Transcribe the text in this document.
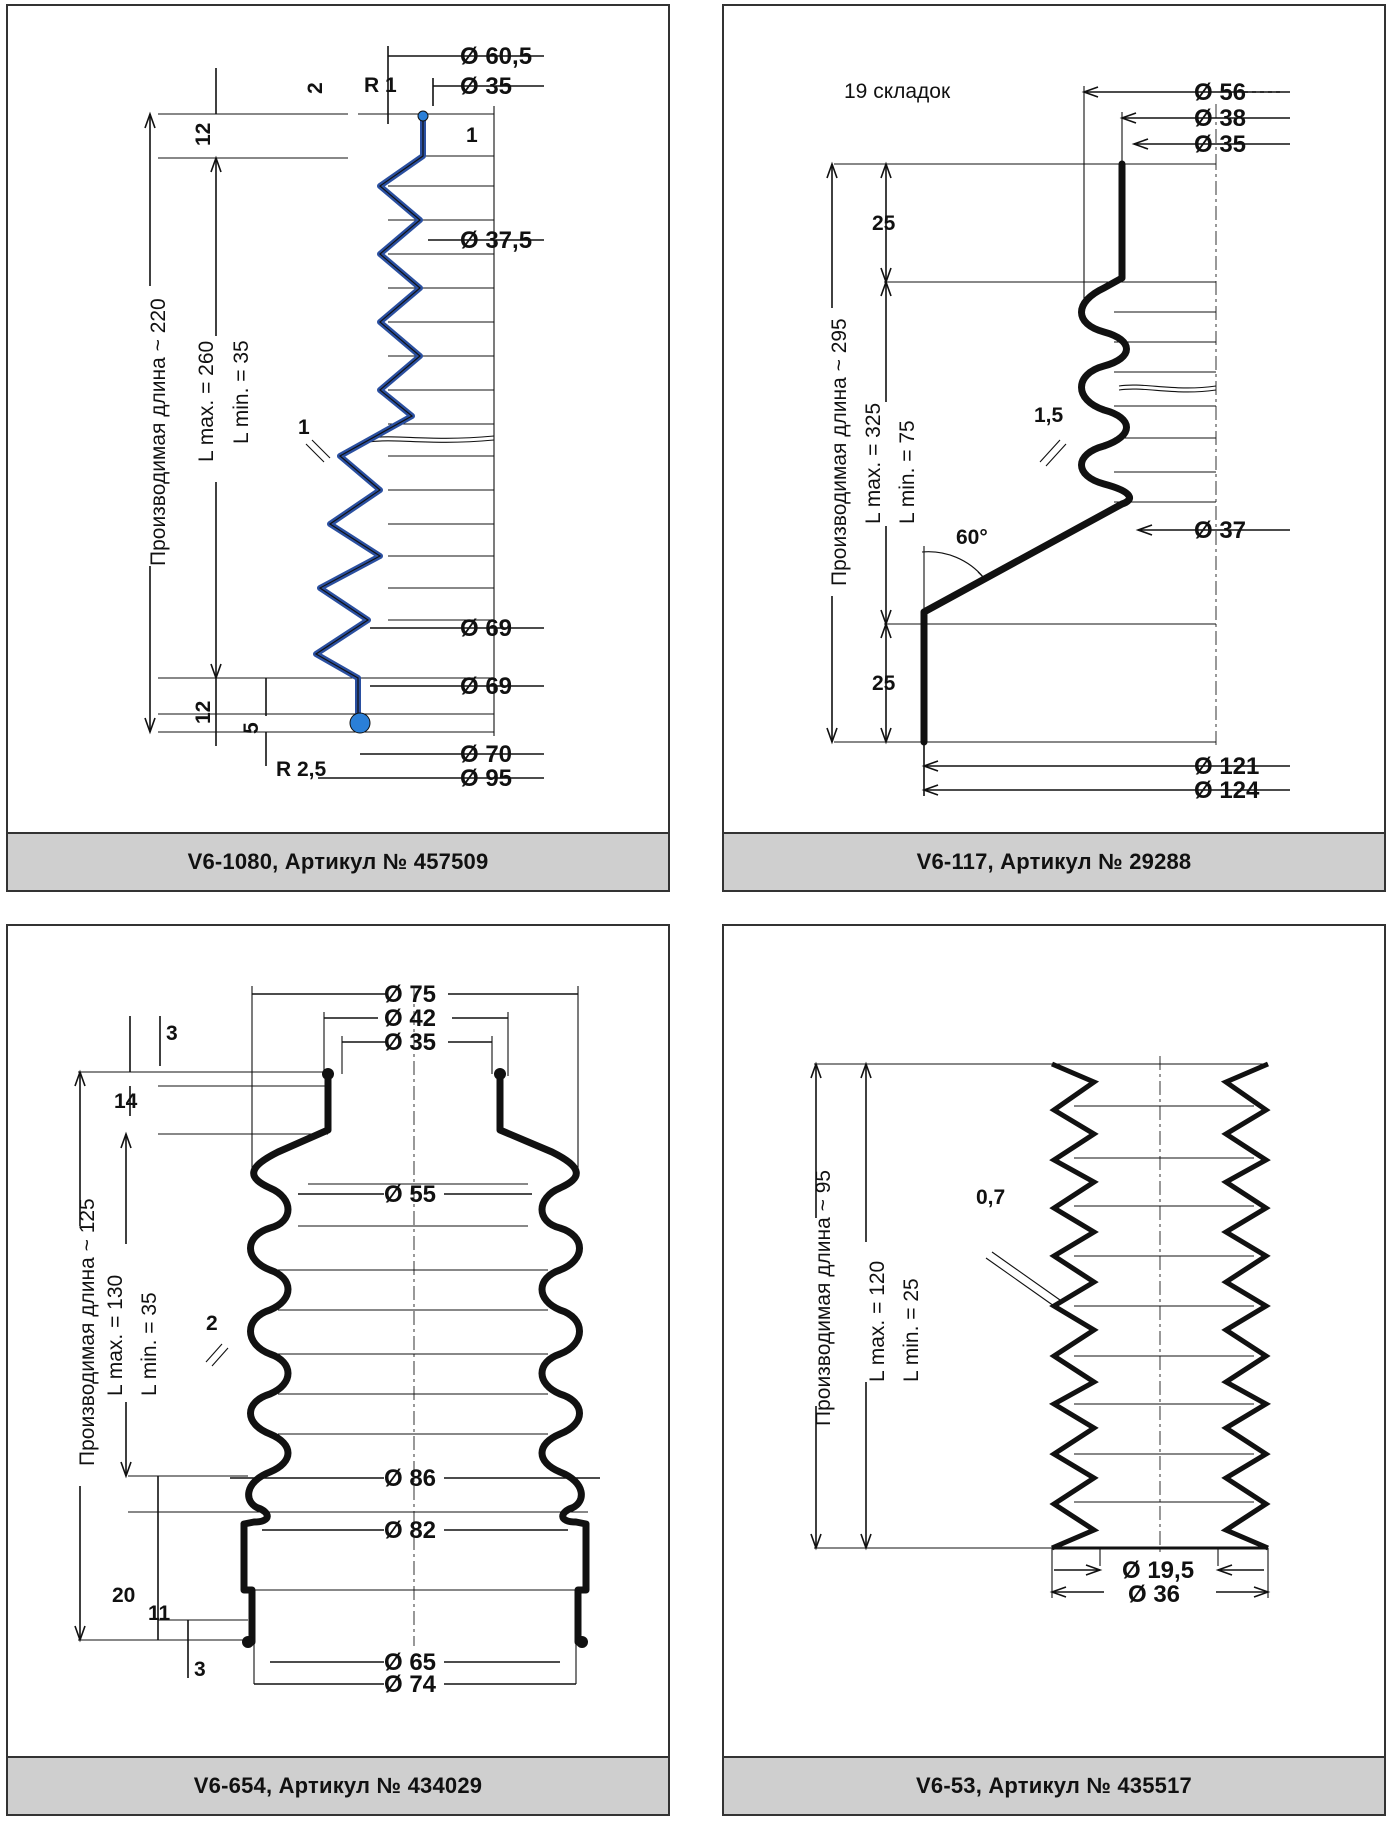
Производимая длина ~ 220 L max. = 260 L min. = 35
12
12
5
2
1
1
Ø 60,5
Ø 35
Ø 37,5
Ø 69
Ø 69
Ø 70
Ø 95
R 1
R 2,5
V6-1080, Артикул № 457509
19 складок
60°
Производимая длина ~ 295 L max. = 325 L min. = 75
25
25
1,5
Ø 56
Ø 38
Ø 35
Ø 37
Ø 121
Ø 124
V6-117, Артикул № 29288
Ø 75
Ø 42
Ø 35
Ø 55
Ø 86
Ø 82
Ø 65
Ø 74
Производимая длина ~ 125 L max. = 130 L min. = 35
3
14
2
20
11
3
V6-654, Артикул № 434029
Производимая длина ~ 95 L max. = 120 L min. = 25
0,7
Ø 19,5
Ø 36
V6-53, Артикул № 435517
